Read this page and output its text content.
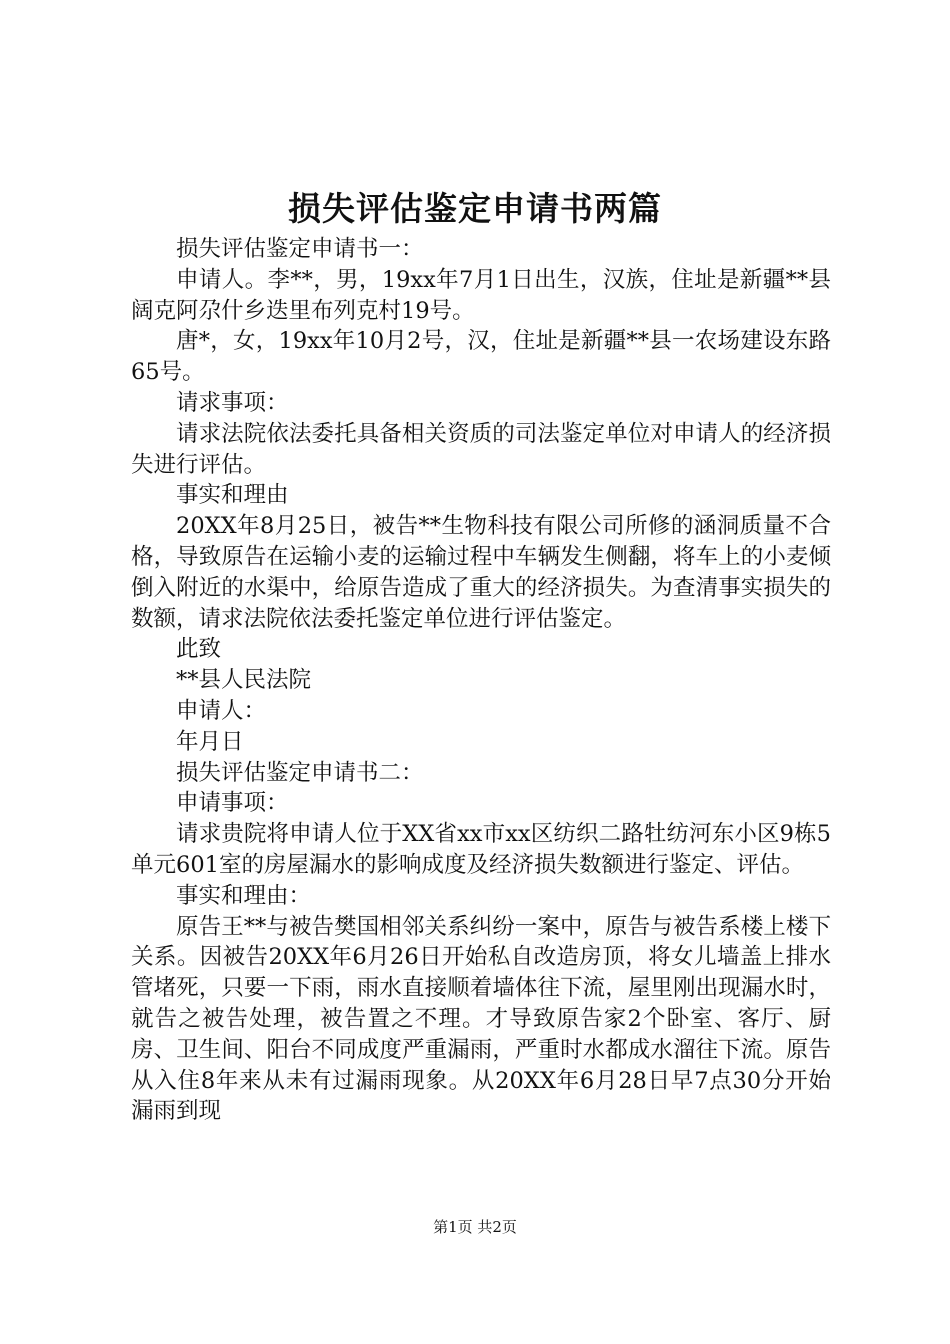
损失评估鉴定申请书两篇

损失评估鉴定申请书一：

申请人。李**，男，19xx年7月1日出生，汉族，住址是新疆**县阔克阿尕什乡迭里布列克村19号。

唐*，女，19xx年10月2号，汉，住址是新疆**县一农场建设东路65号。

请求事项：

请求法院依法委托具备相关资质的司法鉴定单位对申请人的经济损失进行评估。

事实和理由

20XX年8月25日，被告**生物科技有限公司所修的涵洞质量不合格，导致原告在运输小麦的运输过程中车辆发生侧翻，将车上的小麦倾倒入附近的水渠中，给原告造成了重大的经济损失。为查清事实损失的数额，请求法院依法委托鉴定单位进行评估鉴定。

此致

**县人民法院

申请人：

年月日

损失评估鉴定申请书二：

申请事项：

请求贵院将申请人位于XX省xx市xx区纺织二路牡纺河东小区9栋5单元601室的房屋漏水的影响成度及经济损失数额进行鉴定、评估。

事实和理由：

原告王**与被告樊国相邻关系纠纷一案中，原告与被告系楼上楼下关系。因被告20XX年6月26日开始私自改造房顶，将女儿墙盖上排水管堵死，只要一下雨，雨水直接顺着墙体往下流，屋里刚出现漏水时，就告之被告处理，被告置之不理。才导致原告家2个卧室、客厅、厨房、卫生间、阳台不同成度严重漏雨，严重时水都成水溜往下流。原告从入住8年来从未有过漏雨现象。从20XX年6月28日早7点30分开始漏雨到现

第1页 共2页
